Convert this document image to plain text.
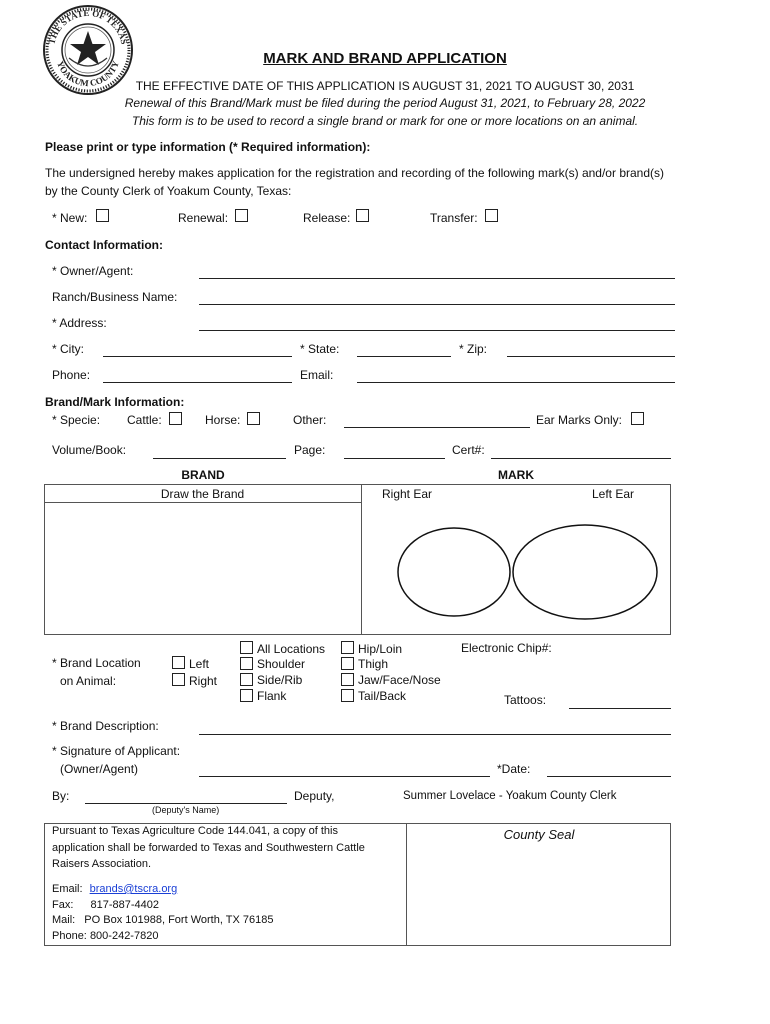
THE STATE OF TEXAS
YOAKUM COUNTY	MARK AND BRAND APPLICATION
THE EFFECTIVE DATE OF THIS APPLICATION IS AUGUST 31, 2021 TO AUGUST 30, 2031
Renewal of this Brand/Mark must be filed during the period August 31, 2021, to February 28, 2022
This form is to be used to record a single brand or mark for one or more locations on an animal.
Please print or type information (* Required information):
The undersigned hereby makes application for the registration and recording of the following mark(s) and/or brand(s)
by the County Clerk of Yoakum County, Texas:
* New:	Renewal:	Release:	Transfer:
Contact Information:
* Owner/Agent:
Ranch/Business Name:
* Address:
* City:	* State:	* Zip:
Phone:	Email:
Brand/Mark Information:
* Specie: Cattle:	Horse:	Other:	Ear Marks Only:
Volume/Book:	Page:	Cert#:
BRAND	MARK
Draw the Brand	Right Ear	Left Ear
* Brand Location
on Animal:
Left
Right
All Locations
Shoulder
Side/Rib
Flank
Hip/Loin
Thigh
Jaw/Face/Nose
Tail/Back
Electronic Chip#:
Tattoos:
* Brand Description:
* Signature of Applicant:
(Owner/Agent)	*Date:
By:	Deputy,
(Deputy's Name)
Summer Lovelace - Yoakum County Clerk
Pursuant to Texas Agriculture Code 144.041, a copy of this
application shall be forwarded to Texas and Southwestern Cattle
Raisers Association.
Email: brands@tscra.org
Fax: 817-887-4402
Mail: PO Box 101988, Fort Worth, TX 76185
Phone: 800-242-7820
County Seal
